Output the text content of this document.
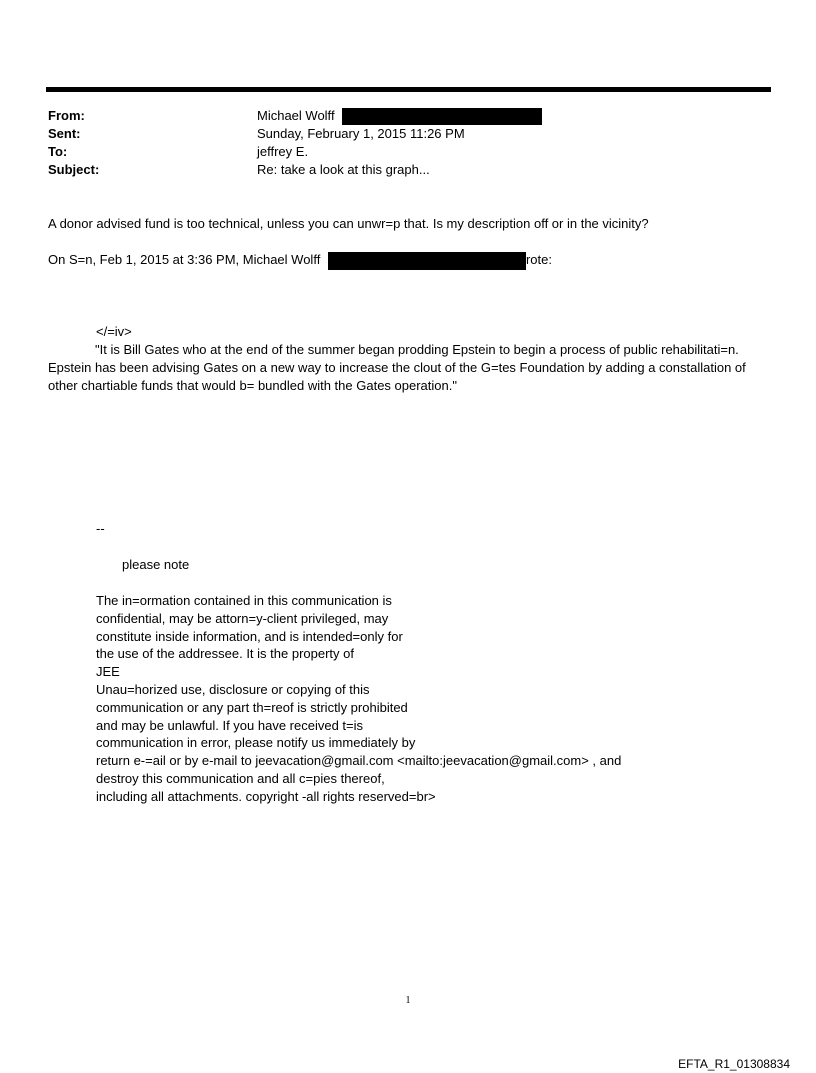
From:	Michael Wolff
Sent:	Sunday, February 1, 2015 11:26 PM
To:	jeffrey E.
Subject:	Re: take a look at this graph...
A donor advised fund is too technical, unless you can unwr=p that. Is my description off or in the vicinity?
On S=n, Feb 1, 2015 at 3:36 PM, Michael Wolff	rote:
</=iv>

"It is Bill Gates who at the end of the summer began prodding Epstein to begin a process of public rehabilitati=n. Epstein has been advising Gates on a new way to increase the clout of the G=tes Foundation by adding a constallation of other chartiable funds that would b= bundled with the Gates operation."

--
please note
The in=ormation contained in this communication is
confidential, may be attorn=y-client privileged, may
constitute inside information, and is intended=only for
the use of the addressee. It is the property of
JEE
Unau=horized use, disclosure or copying of this
communication or any part th=reof is strictly prohibited
and may be unlawful. If you have received t=is
communication in error, please notify us immediately by
return e-=ail or by e-mail to jeevacation@gmail.com <mailto:jeevacation@gmail.com> , and
destroy this communication and all c=pies thereof,
including all attachments. copyright -all rights reserved=br>
1
EFTA_R1_01308834
